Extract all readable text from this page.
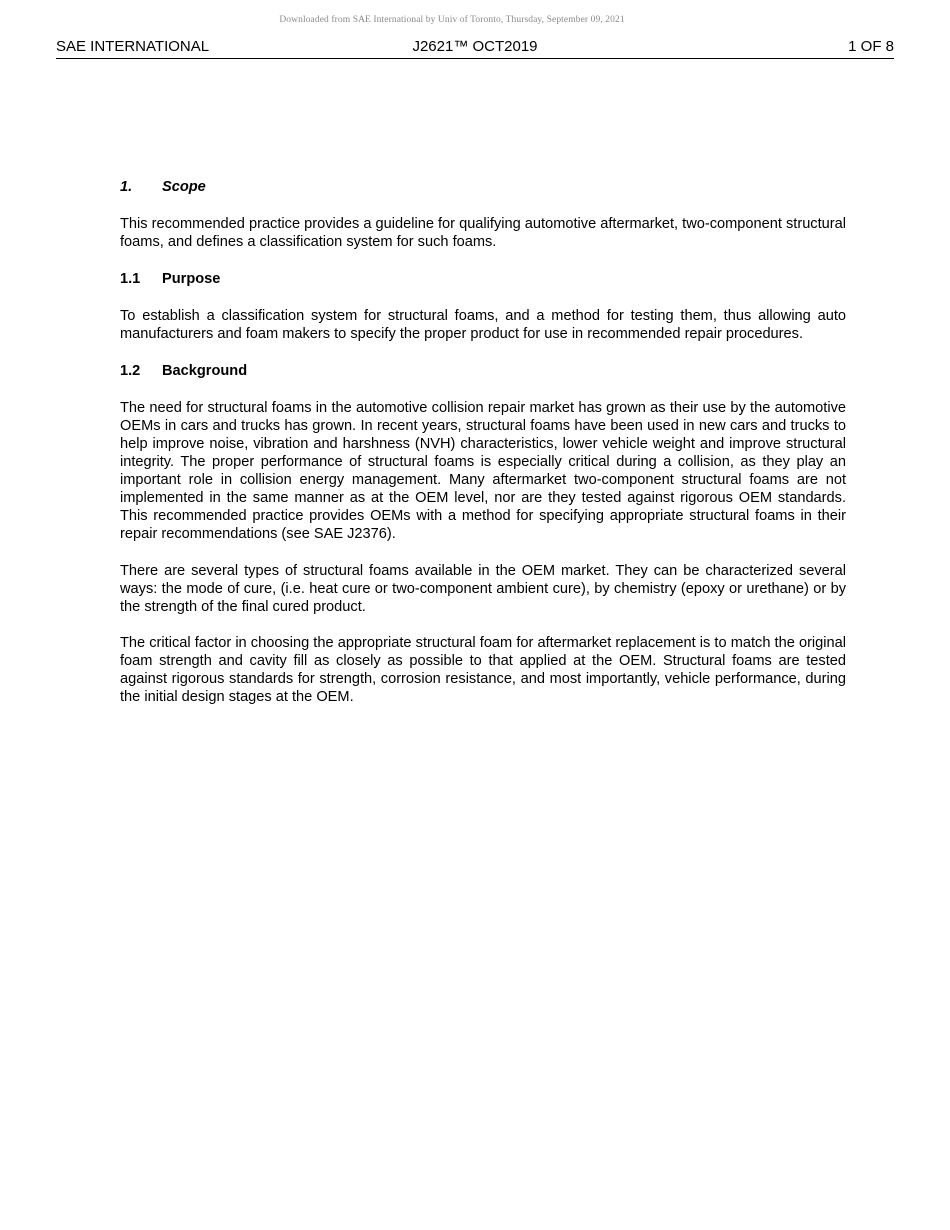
Downloaded from SAE International by Univ of Toronto, Thursday, September 09, 2021
SAE INTERNATIONAL	J2621™ OCT2019	1 OF 8
1. Scope

This recommended practice provides a guideline for qualifying automotive aftermarket, two-component structural foams, and defines a classification system for such foams.

1.1 Purpose

To establish a classification system for structural foams, and a method for testing them, thus allowing auto manufacturers and foam makers to specify the proper product for use in recommended repair procedures.

1.2 Background

The need for structural foams in the automotive collision repair market has grown as their use by the automotive OEMs in cars and trucks has grown. In recent years, structural foams have been used in new cars and trucks to help improve noise, vibration and harshness (NVH) characteristics, lower vehicle weight and improve structural integrity. The proper performance of structural foams is especially critical during a collision, as they play an important role in collision energy management. Many aftermarket two-component structural foams are not implemented in the same manner as at the OEM level, nor are they tested against rigorous OEM standards. This recommended practice provides OEMs with a method for specifying appropriate structural foams in their repair recommendations (see SAE J2376).

There are several types of structural foams available in the OEM market. They can be characterized several ways: the mode of cure, (i.e. heat cure or two-component ambient cure), by chemistry (epoxy or urethane) or by the strength of the final cured product.

The critical factor in choosing the appropriate structural foam for aftermarket replacement is to match the original foam strength and cavity fill as closely as possible to that applied at the OEM. Structural foams are tested against rigorous standards for strength, corrosion resistance, and most importantly, vehicle performance, during the initial design stages at the OEM.
